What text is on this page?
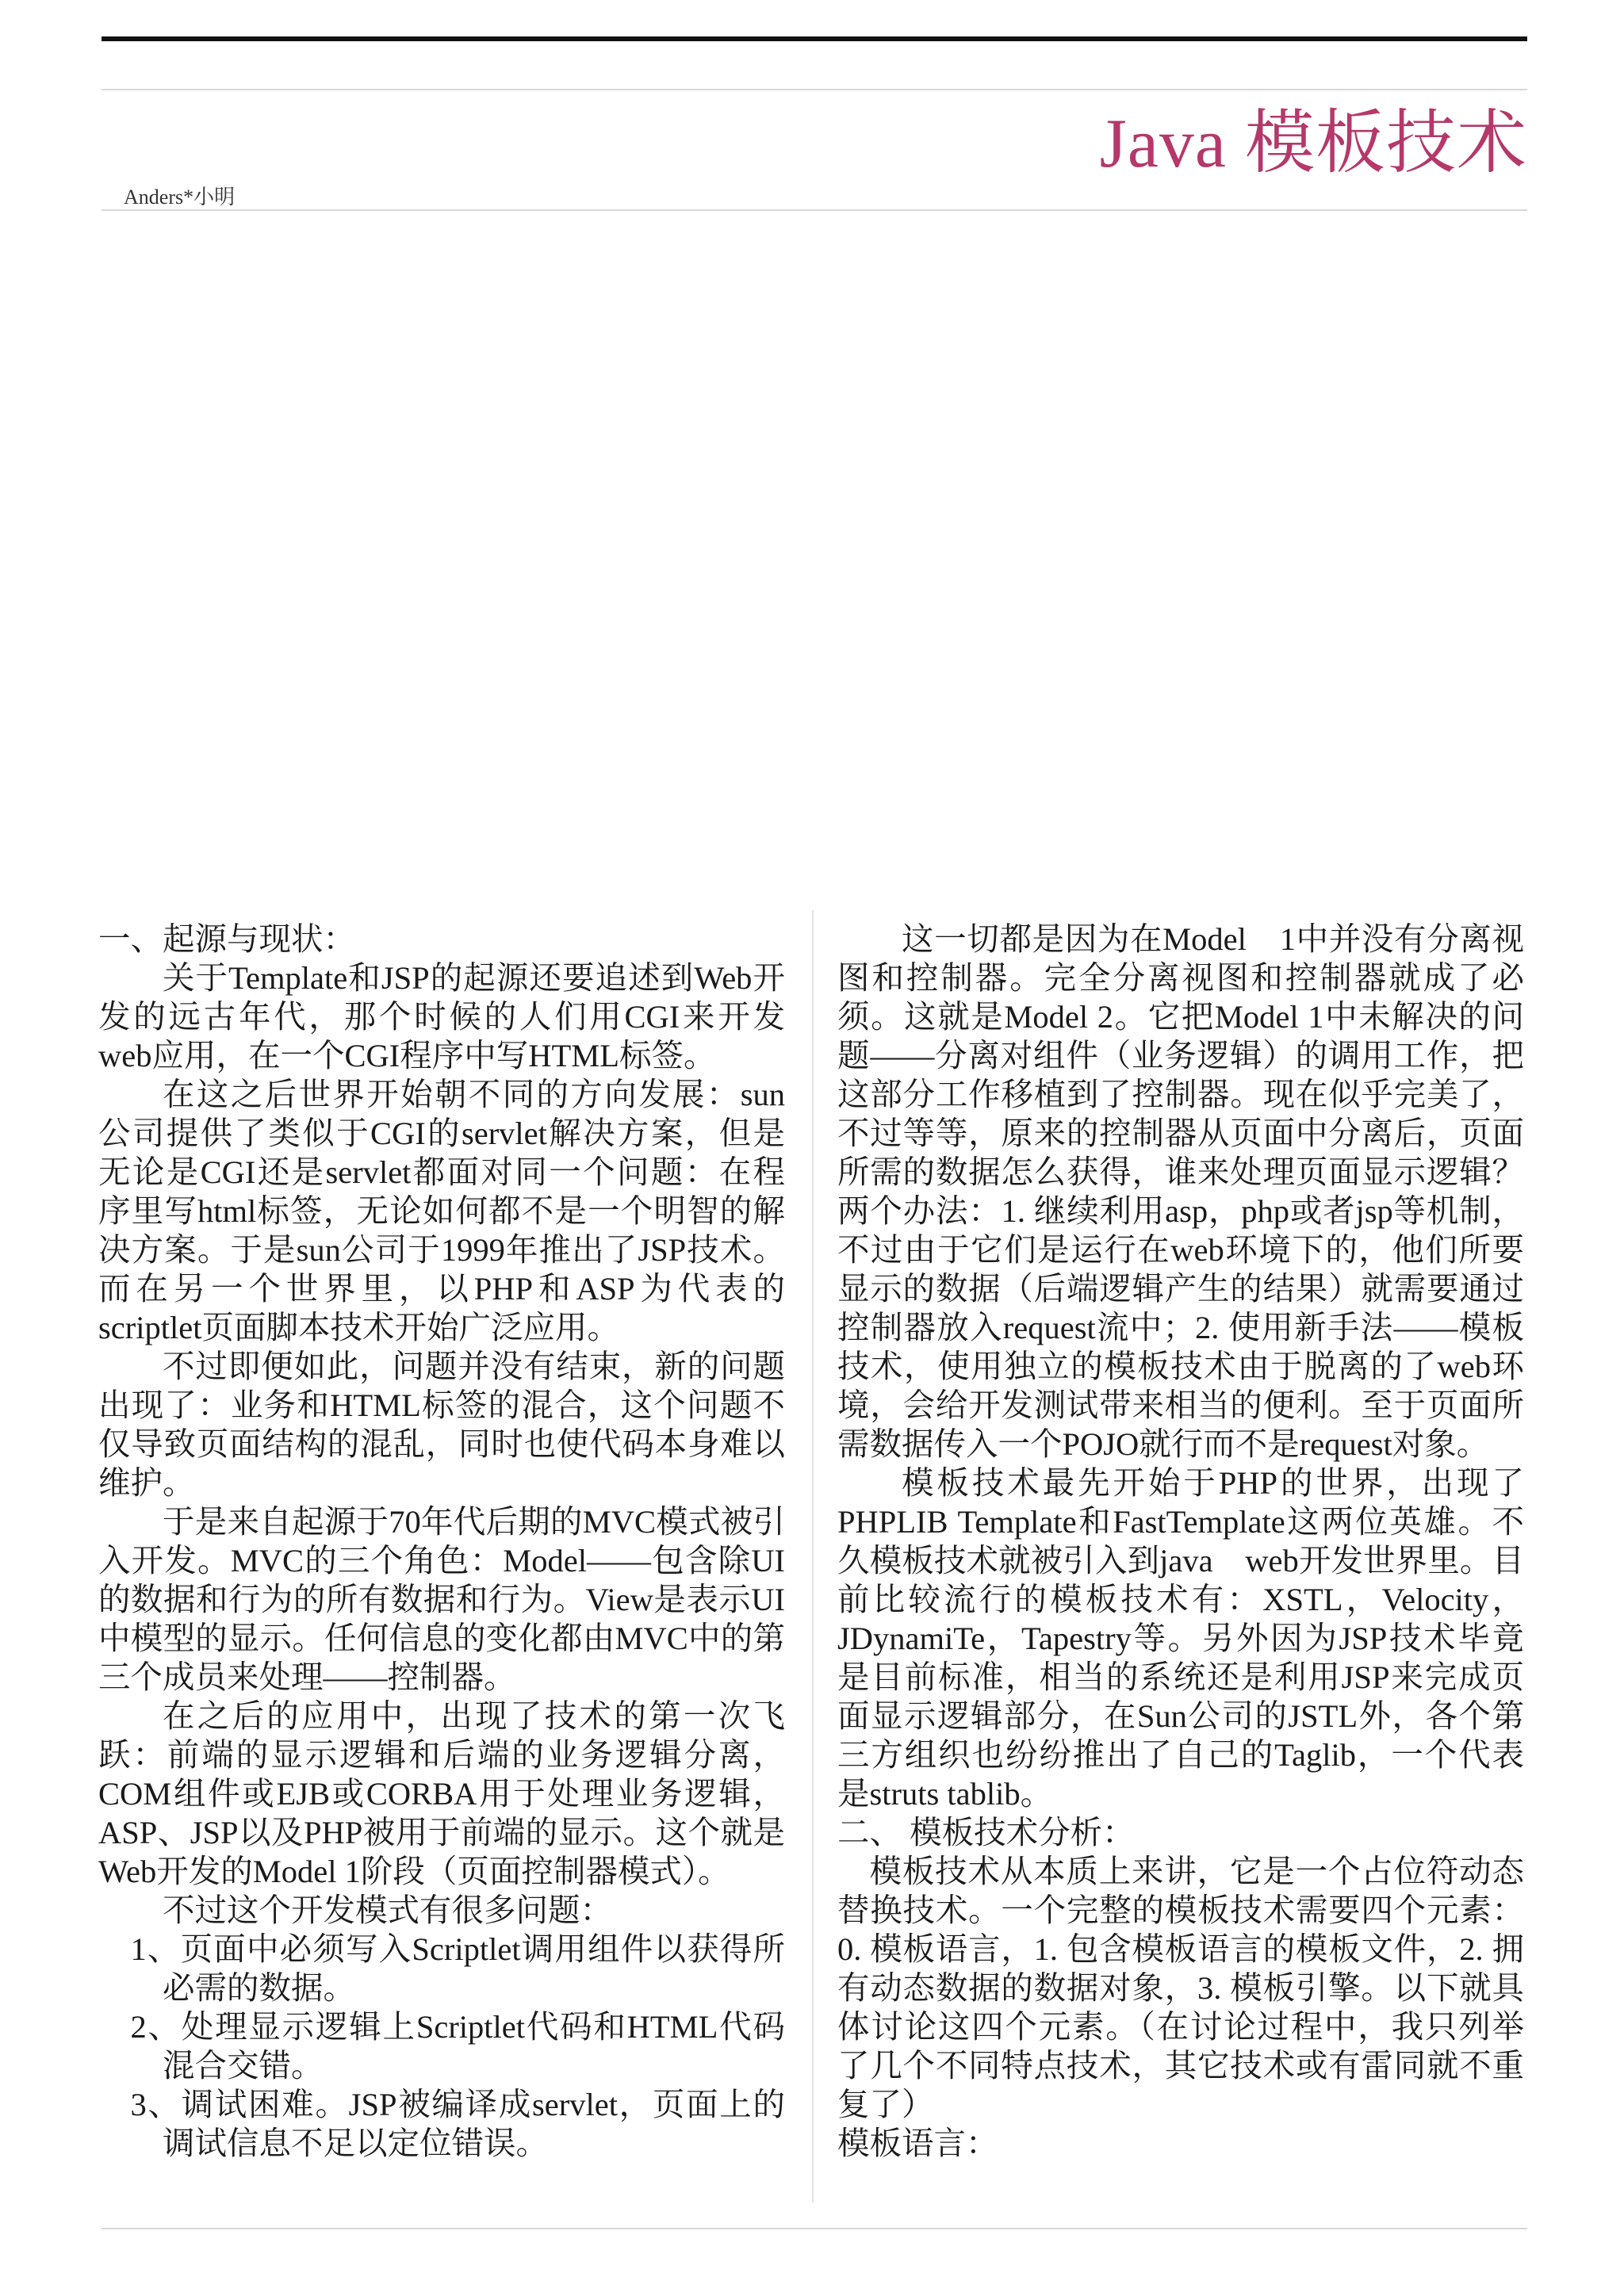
Java 模板技术
Anders*小明

一、起源与现状：

关于Template和JSP的起源还要追述到Web开发的远古年代，那个时候的人们用CGI来开发web应用，在一个CGI程序中写HTML标签。

在这之后世界开始朝不同的方向发展：sun公司提供了类似于CGI的servlet解决方案，但是无论是CGI还是servlet都面对同一个问题：在程序里写html标签，无论如何都不是一个明智的解决方案。于是sun公司于1999年推出了JSP技术。而在另一个世界里，以PHP和ASP为代表的scriptlet页面脚本技术开始广泛应用。

不过即便如此，问题并没有结束，新的问题出现了：业务和HTML标签的混合，这个问题不仅导致页面结构的混乱，同时也使代码本身难以维护。

于是来自起源于70年代后期的MVC模式被引入开发。MVC的三个角色：Model——包含除UI的数据和行为的所有数据和行为。View是表示UI中模型的显示。任何信息的变化都由MVC中的第三个成员来处理——控制器。

在之后的应用中，出现了技术的第一次飞跃：前端的显示逻辑和后端的业务逻辑分离，COM组件或EJB或CORBA用于处理业务逻辑，ASP、JSP以及PHP被用于前端的显示。这个就是Web开发的Model 1阶段（页面控制器模式）。

不过这个开发模式有很多问题：

1、页面中必须写入Scriptlet调用组件以获得所必需的数据。

2、处理显示逻辑上Scriptlet代码和HTML代码混合交错。

3、调试困难。JSP被编译成servlet，页面上的调试信息不足以定位错误。

这一切都是因为在Model　1中并没有分离视图和控制器。完全分离视图和控制器就成了必须。这就是Model 2。它把Model 1中未解决的问题——分离对组件（业务逻辑）的调用工作，把这部分工作移植到了控制器。现在似乎完美了，不过等等，原来的控制器从页面中分离后，页面所需的数据怎么获得，谁来处理页面显示逻辑？两个办法：1. 继续利用asp，php或者jsp等机制，不过由于它们是运行在web环境下的，他们所要显示的数据（后端逻辑产生的结果）就需要通过控制器放入request流中；2. 使用新手法——模板技术，使用独立的模板技术由于脱离的了web环境，会给开发测试带来相当的便利。至于页面所需数据传入一个POJO就行而不是request对象。

模板技术最先开始于PHP的世界，出现了PHPLIB Template和FastTemplate这两位英雄。不久模板技术就被引入到java　web开发世界里。目前比较流行的模板技术有：XSTL，Velocity，JDynamiTe，Tapestry等。另外因为JSP技术毕竟是目前标准，相当的系统还是利用JSP来完成页面显示逻辑部分，在Sun公司的JSTL外，各个第三方组织也纷纷推出了自己的Taglib，一个代表是struts tablib。

二、 模板技术分析：

模板技术从本质上来讲，它是一个占位符动态替换技术。一个完整的模板技术需要四个元素：0. 模板语言，1. 包含模板语言的模板文件，2. 拥有动态数据的数据对象，3. 模板引擎。以下就具体讨论这四个元素。（在讨论过程中，我只列举了几个不同特点技术，其它技术或有雷同就不重复了）

模板语言：
